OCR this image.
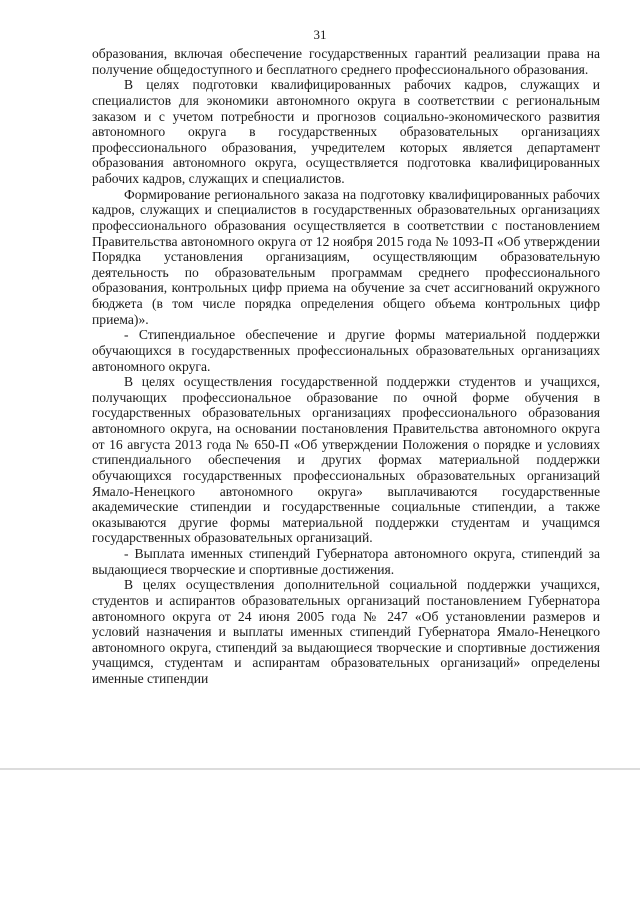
31

образования, включая обеспечение государственных гарантий реализации права на получение общедоступного и бесплатного среднего профессионального образования.

В целях подготовки квалифицированных рабочих кадров, служащих и специалистов для экономики автономного округа в соответствии с региональным заказом и с учетом потребности и прогнозов социально-экономического развития автономного округа в государственных образовательных организациях профессионального образования, учредителем которых является департамент образования автономного округа, осуществляется подготовка квалифицированных рабочих кадров, служащих и специалистов.

Формирование регионального заказа на подготовку квалифицированных рабочих кадров, служащих и специалистов в государственных образовательных организациях профессионального образования осуществляется в соответствии с постановлением Правительства автономного округа от 12 ноября 2015 года № 1093-П «Об утверждении Порядка установления организациям, осуществляющим образовательную деятельность по образовательным программам среднего профессионального образования, контрольных цифр приема на обучение за счет ассигнований окружного бюджета (в том числе порядка определения общего объема контрольных цифр приема)».

- Стипендиальное обеспечение и другие формы материальной поддержки обучающихся в государственных профессиональных образовательных организациях автономного округа.

В целях осуществления государственной поддержки студентов и учащихся, получающих профессиональное образование по очной форме обучения в государственных образовательных организациях профессионального образования автономного округа, на основании постановления Правительства автономного округа от 16 августа 2013 года № 650-П «Об утверждении Положения о порядке и условиях стипендиального обеспечения и других формах материальной поддержки обучающихся государственных профессиональных образовательных организаций Ямало-Ненецкого автономного округа» выплачиваются государственные академические стипендии и государственные социальные стипендии, а также оказываются другие формы материальной поддержки студентам и учащимся государственных образовательных организаций.

- Выплата именных стипендий Губернатора автономного округа, стипендий за выдающиеся творческие и спортивные достижения.

В целях осуществления дополнительной социальной поддержки учащихся, студентов и аспирантов образовательных организаций постановлением Губернатора автономного округа от 24 июня 2005 года № 247 «Об установлении размеров и условий назначения и выплаты именных стипендий Губернатора Ямало-Ненецкого автономного округа, стипендий за выдающиеся творческие и спортивные достижения учащимся, студентам и аспирантам образовательных организаций» определены именные стипендии
